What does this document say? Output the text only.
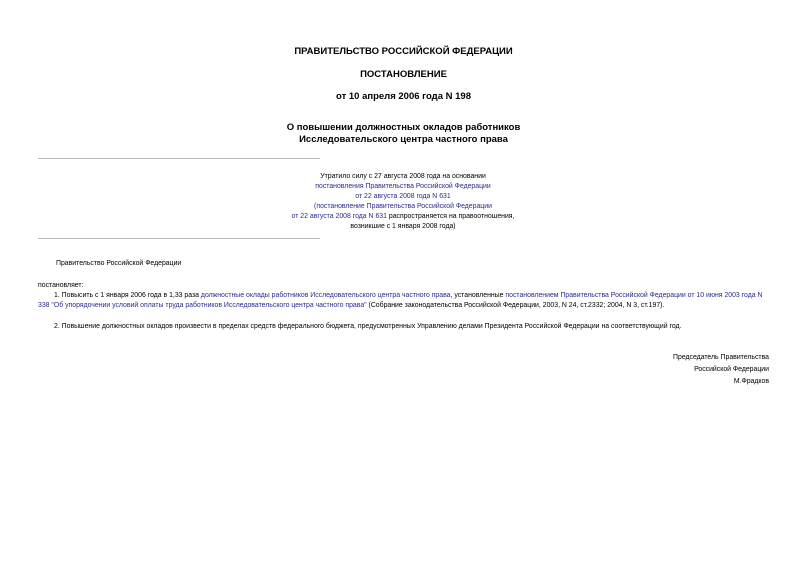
ПРАВИТЕЛЬСТВО РОССИЙСКОЙ ФЕДЕРАЦИИ
ПОСТАНОВЛЕНИЕ
от 10 апреля 2006 года N 198
О повышении должностных окладов работников
Исследовательского центра частного права
Утратило силу с 27 августа 2008 года на основании
постановления Правительства Российской Федерации
от 22 августа 2008 года N 631
(постановление Правительства Российской Федерации
от 22 августа 2008 года N 631 распространяется на правоотношения,
возникшие с 1 января 2008 года)
Правительство Российской Федерации
постановляет:
1. Повысить с 1 января 2006 года в 1,33 раза должностные оклады работников Исследовательского центра частного права, установленные постановлением Правительства Российской Федерации от 10 июня 2003 года N 338 "Об упорядочении условий оплаты труда работников Исследовательского центра частного права" (Собрание законодательства Российской Федерации, 2003, N 24, ст.2332; 2004, N 3, ст.197).
2. Повышение должностных окладов произвести в пределах средств федерального бюджета, предусмотренных Управлению делами Президента Российской Федерации на соответствующий год.
Председатель Правительства
Российской Федерации
М.Фрадков
